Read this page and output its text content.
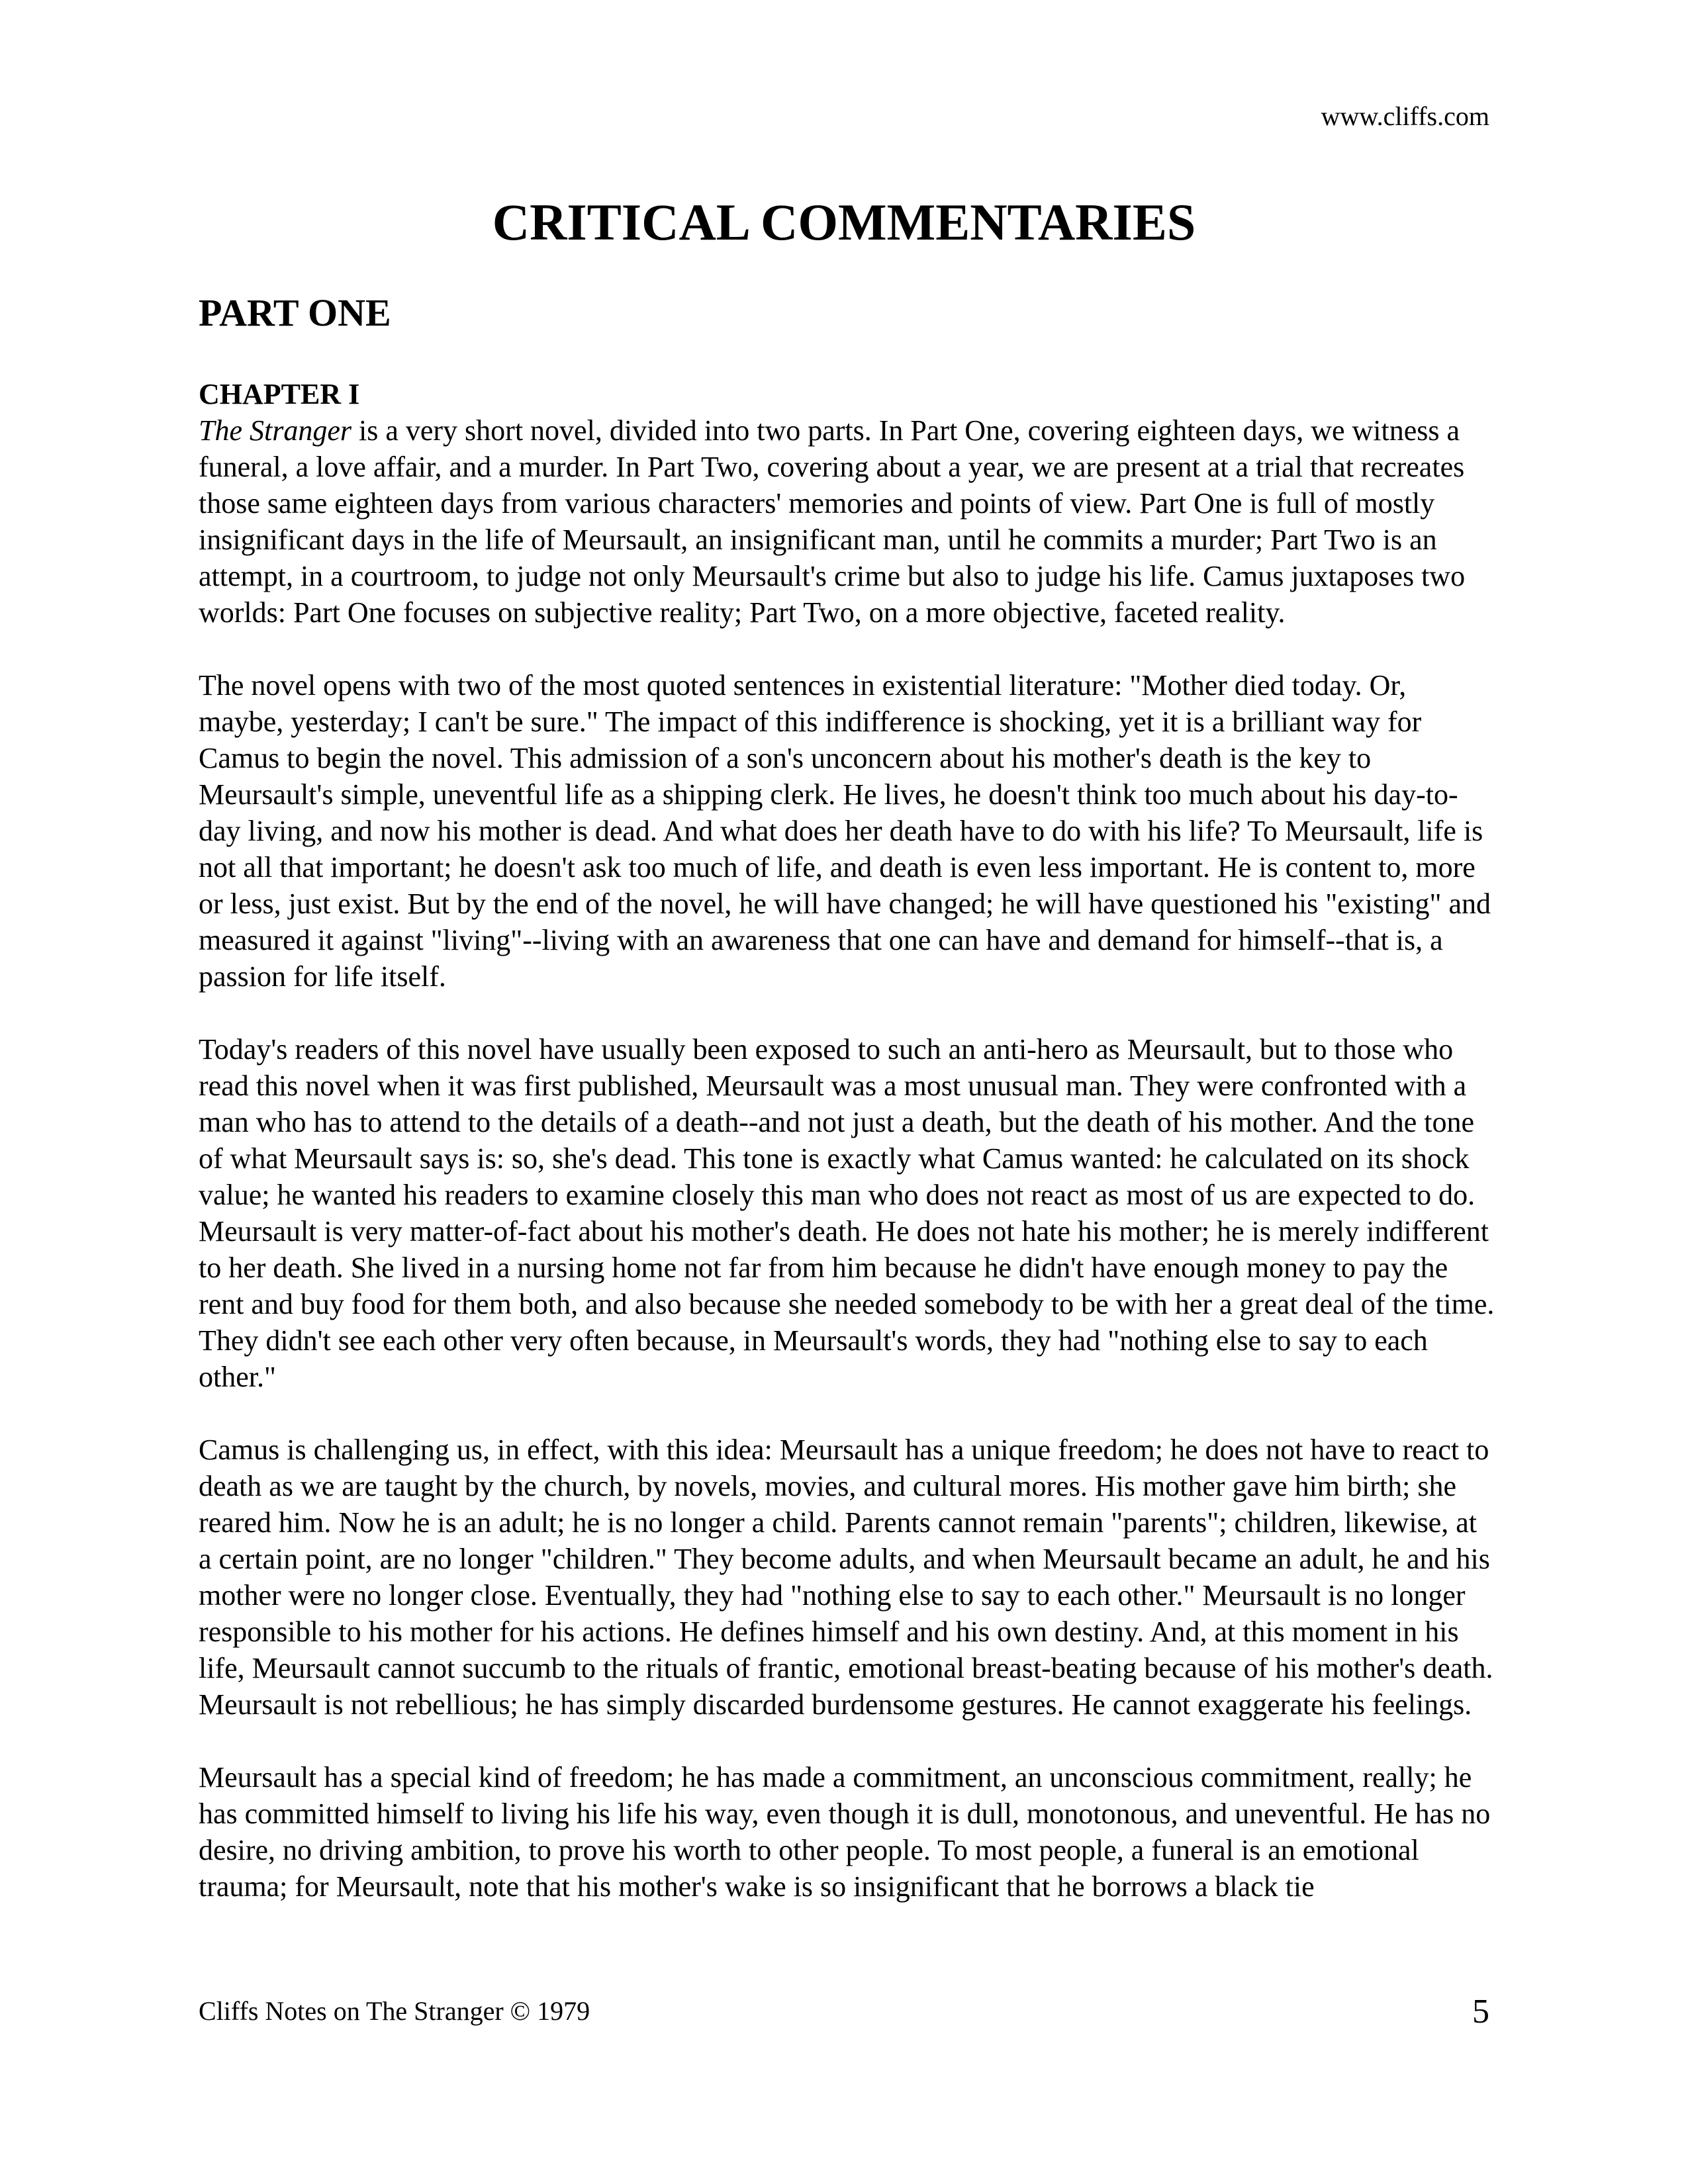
www.cliffs.com
CRITICAL COMMENTARIES
PART ONE
CHAPTER I

The Stranger is a very short novel, divided into two parts. In Part One, covering eighteen days, we witness a funeral, a love affair, and a murder. In Part Two, covering about a year, we are present at a trial that recreates those same eighteen days from various characters' memories and points of view. Part One is full of mostly insignificant days in the life of Meursault, an insignificant man, until he commits a murder; Part Two is an attempt, in a courtroom, to judge not only Meursault's crime but also to judge his life. Camus juxtaposes two worlds: Part One focuses on subjective reality; Part Two, on a more objective, faceted reality.

The novel opens with two of the most quoted sentences in existential literature: "Mother died today. Or, maybe, yesterday; I can't be sure." The impact of this indifference is shocking, yet it is a brilliant way for Camus to begin the novel. This admission of a son's unconcern about his mother's death is the key to Meursault's simple, uneventful life as a shipping clerk. He lives, he doesn't think too much about his day-to-day living, and now his mother is dead. And what does her death have to do with his life? To Meursault, life is not all that important; he doesn't ask too much of life, and death is even less important. He is content to, more or less, just exist. But by the end of the novel, he will have changed; he will have questioned his "existing" and measured it against "living"--living with an awareness that one can have and demand for himself--that is, a passion for life itself.

Today's readers of this novel have usually been exposed to such an anti-hero as Meursault, but to those who read this novel when it was first published, Meursault was a most unusual man. They were confronted with a man who has to attend to the details of a death--and not just a death, but the death of his mother. And the tone of what Meursault says is: so, she's dead. This tone is exactly what Camus wanted: he calculated on its shock value; he wanted his readers to examine closely this man who does not react as most of us are expected to do. Meursault is very matter-of-fact about his mother's death. He does not hate his mother; he is merely indifferent to her death. She lived in a nursing home not far from him because he didn't have enough money to pay the rent and buy food for them both, and also because she needed somebody to be with her a great deal of the time. They didn't see each other very often because, in Meursault's words, they had "nothing else to say to each other."

Camus is challenging us, in effect, with this idea: Meursault has a unique freedom; he does not have to react to death as we are taught by the church, by novels, movies, and cultural mores. His mother gave him birth; she reared him. Now he is an adult; he is no longer a child. Parents cannot remain "parents"; children, likewise, at a certain point, are no longer "children." They become adults, and when Meursault became an adult, he and his mother were no longer close. Eventually, they had "nothing else to say to each other." Meursault is no longer responsible to his mother for his actions. He defines himself and his own destiny. And, at this moment in his life, Meursault cannot succumb to the rituals of frantic, emotional breast-beating because of his mother's death. Meursault is not rebellious; he has simply discarded burdensome gestures. He cannot exaggerate his feelings.

Meursault has a special kind of freedom; he has made a commitment, an unconscious commitment, really; he has committed himself to living his life his way, even though it is dull, monotonous, and uneventful. He has no desire, no driving ambition, to prove his worth to other people. To most people, a funeral is an emotional trauma; for Meursault, note that his mother's wake is so insignificant that he borrows a black tie

Cliffs Notes on The Stranger © 1979	5
